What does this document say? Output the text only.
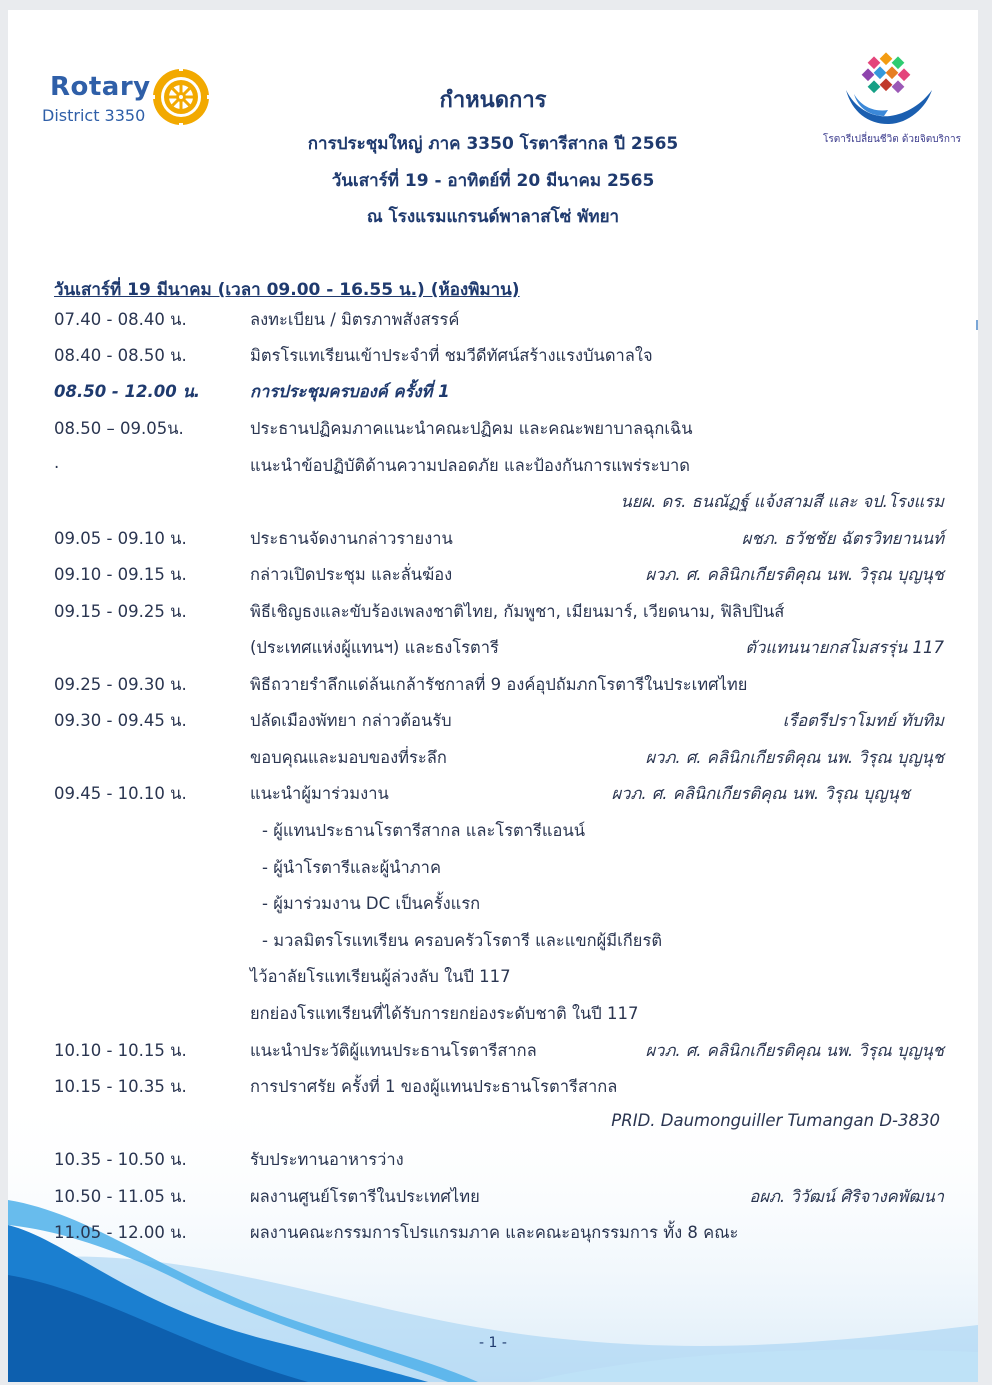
Rotary
District 3350
โรตารีเปลี่ยนชีวิต ด้วยจิตบริการ
กำหนดการ
การประชุมใหญ่ ภาค 3350 โรตารีสากล ปี 2565
วันเสาร์ที่ 19 - อาทิตย์ที่ 20 มีนาคม 2565
ณ โรงแรมแกรนด์พาลาสโซ่ พัทยา
วันเสาร์ที่ 19 มีนาคม (เวลา 09.00 - 16.55 น.) (ห้องพิมาน)
07.40 - 08.40 น.	ลงทะเบียน / มิตรภาพสังสรรค์
08.40 - 08.50 น.	มิตรโรแทเรียนเข้าประจำที่ ชมวีดีทัศน์สร้างแรงบันดาลใจ
08.50 - 12.00 น.	การประชุมครบองค์ ครั้งที่ 1
08.50 – 09.05น.	ประธานปฏิคมภาคแนะนำคณะปฏิคม และคณะพยาบาลฉุกเฉิน
.	แนะนำข้อปฏิบัติด้านความปลอดภัย และป้องกันการแพร่ระบาด
นยผ. ดร. ธนณัฏฐ์ แจ้งสามสี และ จป.โรงแรม
09.05 - 09.10 น.	ประธานจัดงานกล่าวรายงาน	ผชภ. ธวัชชัย ฉัตรวิทยานนท์
09.10 - 09.15 น.	กล่าวเปิดประชุม และลั่นฆ้อง	ผวภ. ศ. คลินิกเกียรติคุณ นพ. วิรุณ บุญนุช
09.15 - 09.25 น.	พิธีเชิญธงและขับร้องเพลงชาติไทย, กัมพูชา, เมียนมาร์, เวียดนาม, ฟิลิปปินส์
(ประเทศแห่งผู้แทนฯ) และธงโรตารี	ตัวแทนนายกสโมสรรุ่น 117
09.25 - 09.30 น.	พิธีถวายรำลึกแด่ล้นเกล้ารัชกาลที่ 9 องค์อุปถัมภกโรตารีในประเทศไทย
09.30 - 09.45 น.	ปลัดเมืองพัทยา กล่าวต้อนรับ	เรือตรีปราโมทย์ ทับทิม
ขอบคุณและมอบของที่ระลึก	ผวภ. ศ. คลินิกเกียรติคุณ นพ. วิรุณ บุญนุช
09.45 - 10.10 น.	แนะนำผู้มาร่วมงาน	ผวภ. ศ. คลินิกเกียรติคุณ นพ. วิรุณ บุญนุช
- ผู้แทนประธานโรตารีสากล และโรตารีแอนน์
- ผู้นำโรตารีและผู้นำภาค
- ผู้มาร่วมงาน DC เป็นครั้งแรก
- มวลมิตรโรแทเรียน ครอบครัวโรตารี และแขกผู้มีเกียรติ
ไว้อาลัยโรแทเรียนผู้ล่วงลับ ในปี 117
ยกย่องโรแทเรียนที่ได้รับการยกย่องระดับชาติ ในปี 117
10.10 - 10.15 น.	แนะนำประวัติผู้แทนประธานโรตารีสากล	ผวภ. ศ. คลินิกเกียรติคุณ นพ. วิรุณ บุญนุช
10.15 - 10.35 น.	การปราศรัย ครั้งที่ 1 ของผู้แทนประธานโรตารีสากล
PRID. Daumonguiller Tumangan D-3830
10.35 - 10.50 น.	รับประทานอาหารว่าง
10.50 - 11.05 น.	ผลงานศูนย์โรตารีในประเทศไทย	อผภ. วิวัฒน์ ศิริจางคพัฒนา
11.05 - 12.00 น.	ผลงานคณะกรรมการโปรแกรมภาค และคณะอนุกรรมการ ทั้ง 8 คณะ
- 1 -
